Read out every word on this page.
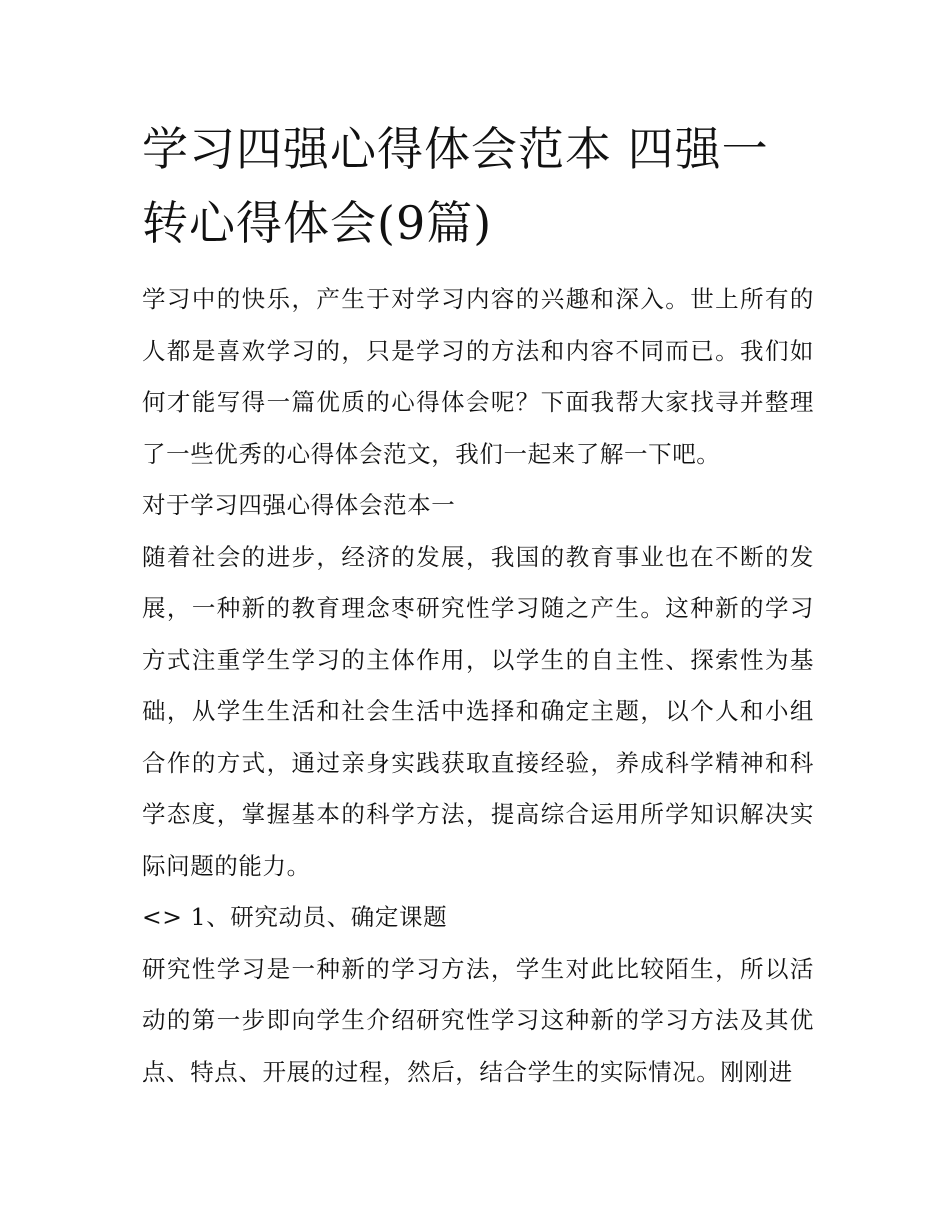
学习四强心得体会范本 四强一转心得体会(9篇)

学习中的快乐，产生于对学习内容的兴趣和深入。世上所有的人都是喜欢学习的，只是学习的方法和内容不同而已。我们如何才能写得一篇优质的心得体会呢？下面我帮大家找寻并整理了一些优秀的心得体会范文，我们一起来了解一下吧。

对于学习四强心得体会范本一

随着社会的进步，经济的发展，我国的教育事业也在不断的发展，一种新的教育理念枣研究性学习随之产生。这种新的学习方式注重学生学习的主体作用，以学生的自主性、探索性为基础，从学生生活和社会生活中选择和确定主题，以个人和小组合作的方式，通过亲身实践获取直接经验，养成科学精神和科学态度，掌握基本的科学方法，提高综合运用所学知识解决实际问题的能力。

<> 1、研究动员、确定课题

研究性学习是一种新的学习方法，学生对此比较陌生，所以活动的第一步即向学生介绍研究性学习这种新的学习方法及其优点、特点、开展的过程，然后，结合学生的实际情况。刚刚进
